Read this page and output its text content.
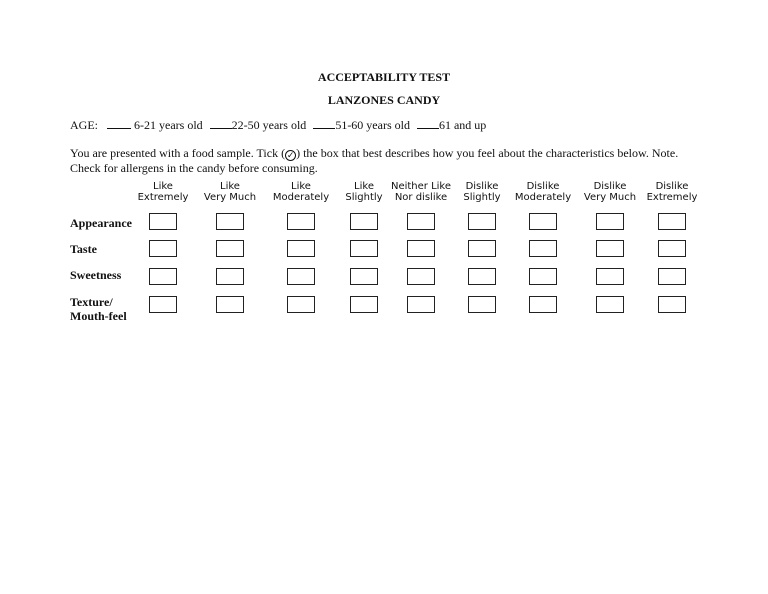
ACCEPTABILITY TEST
LANZONES CANDY
AGE:	6-21 years old 22-50 years old 51-60 years old 61 and up
You are presented with a food sample. Tick ( ✓ ) the box that best describes how you feel about the characteristics below. Note. Check for allergens in the candy before consuming.
Like
Extremely
Like
Very Much
Like
Moderately
Like
Slightly
Neither Like
Nor dislike
Dislike
Slightly
Dislike
Moderately
Dislike
Very Much
Dislike
Extremely
Appearance
Taste
Sweetness
Texture/
Mouth-feel
